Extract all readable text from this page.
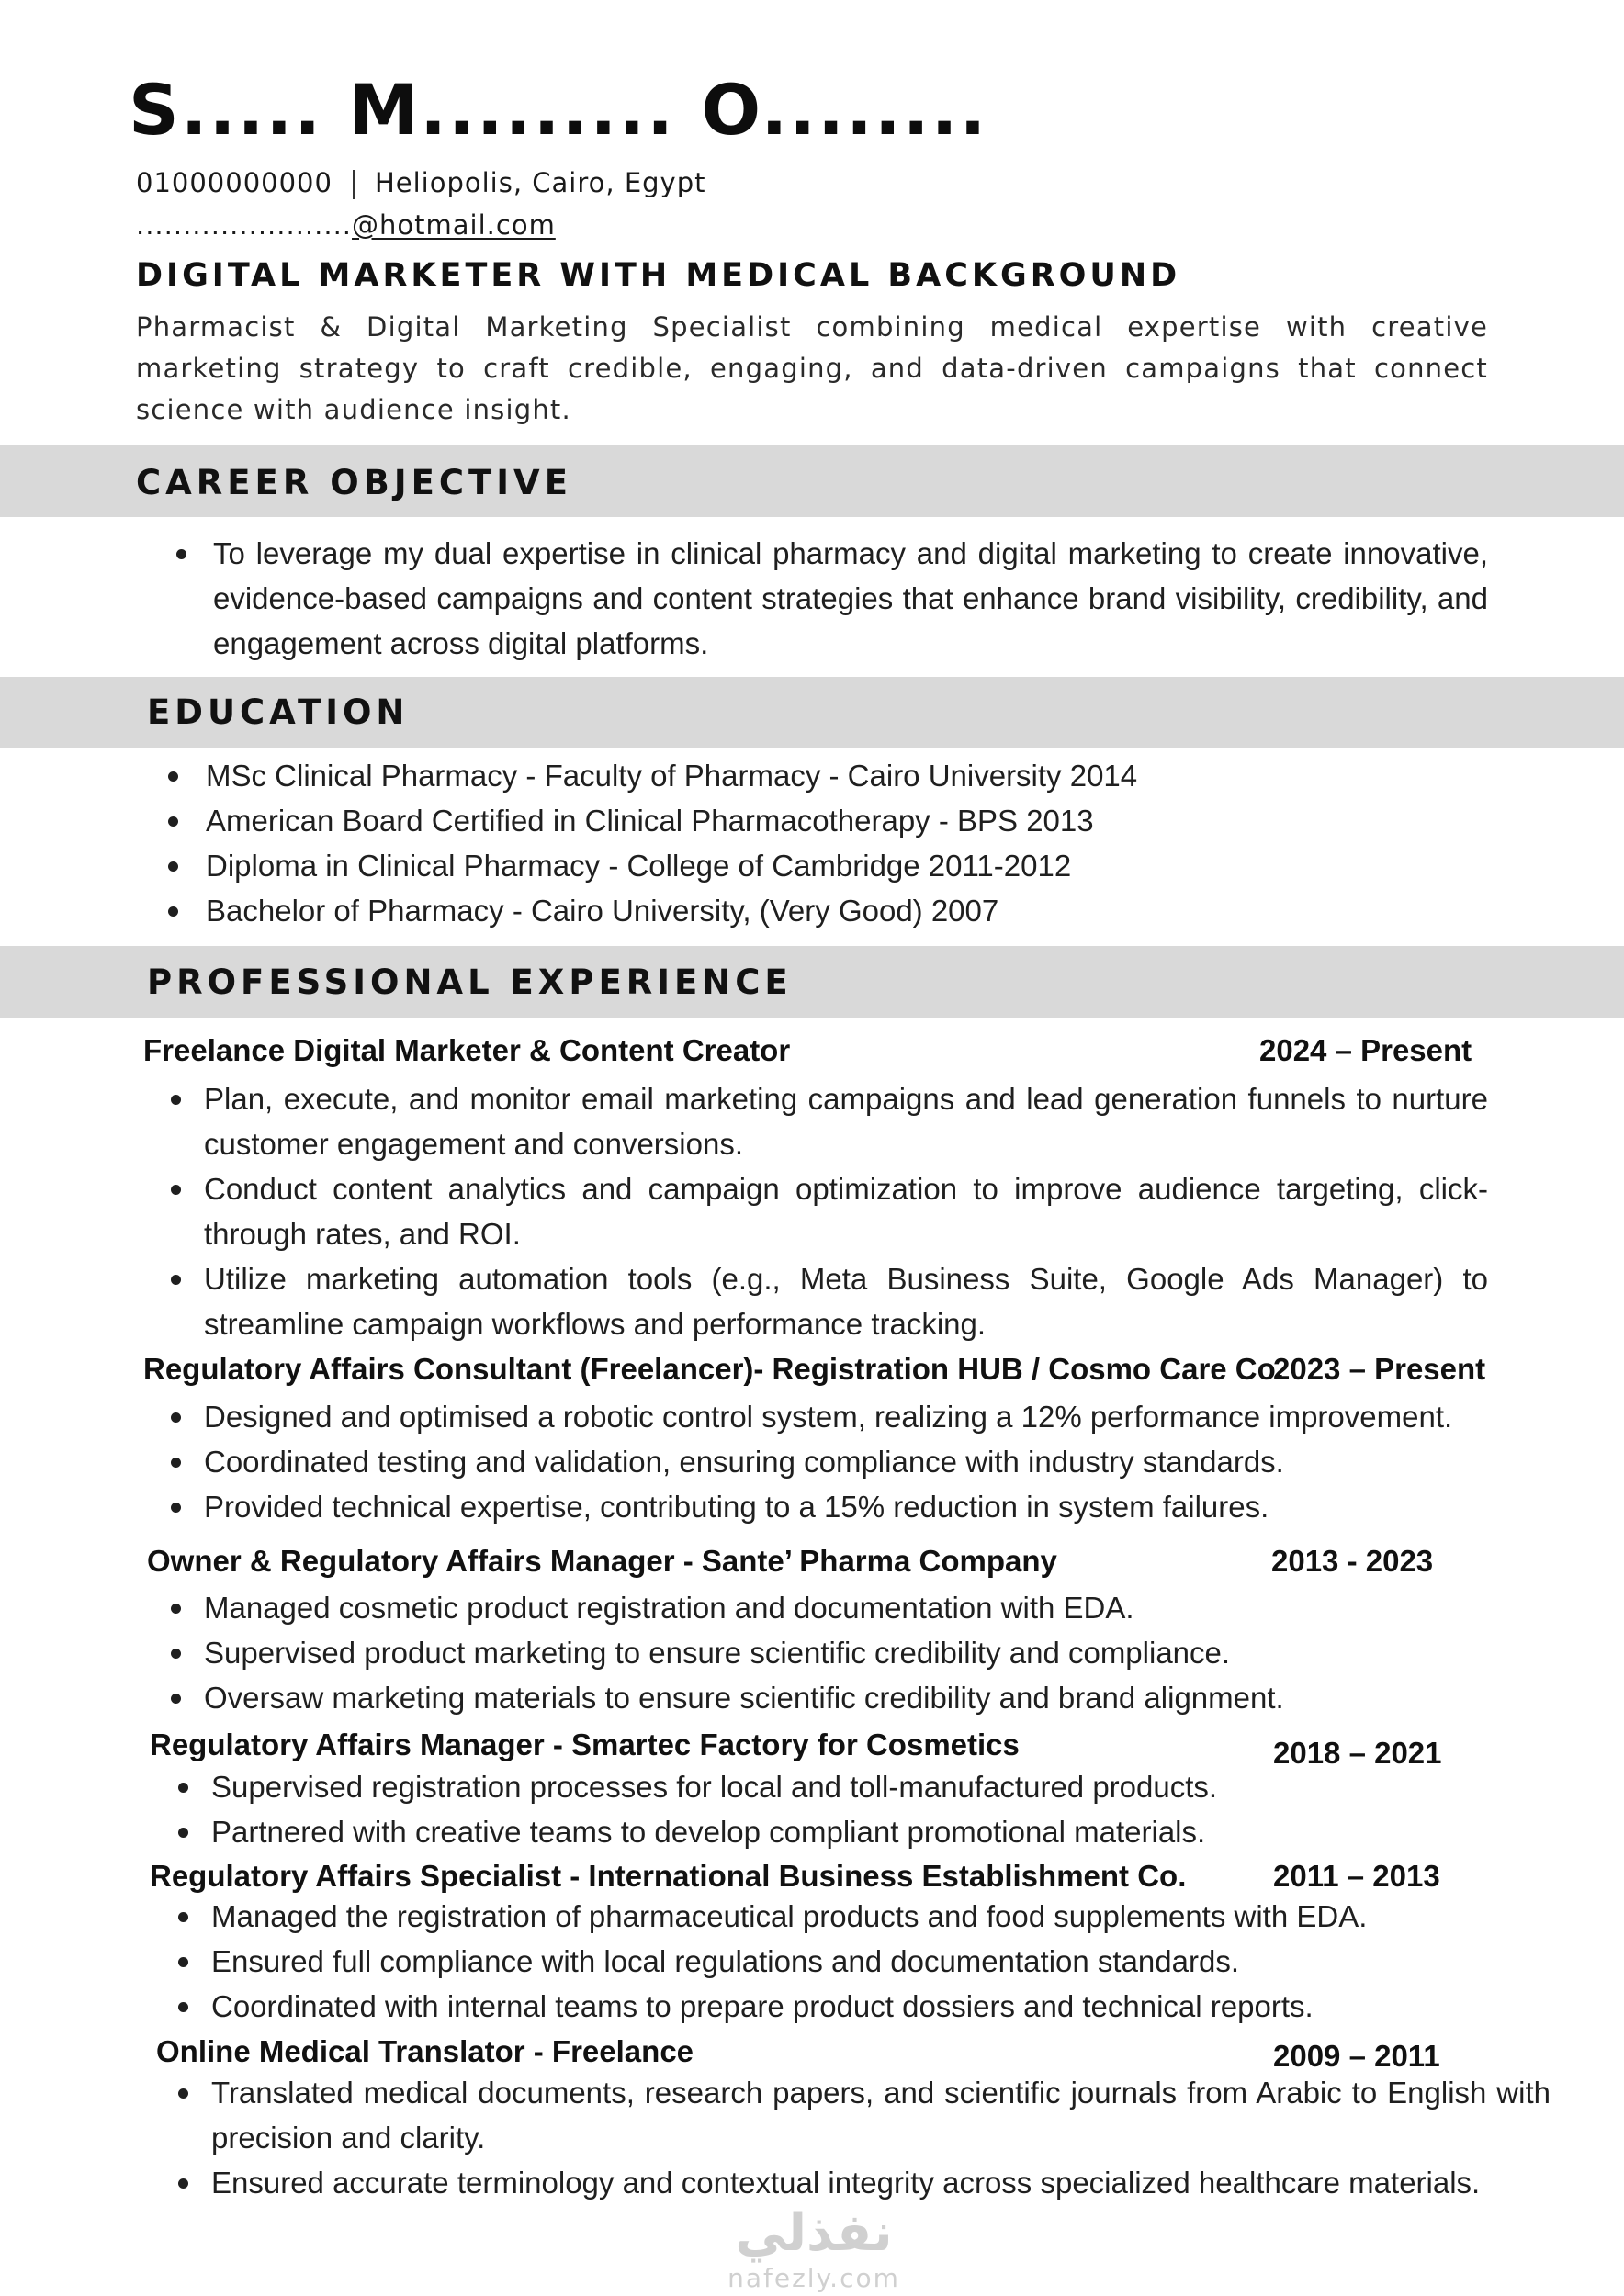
S..... M......... O........
01000000000 Heliopolis, Cairo, Egypt
.......................@hotmail.com
DIGITAL MARKETER WITH MEDICAL BACKGROUND
Pharmacist & Digital Marketing Specialist combining medical expertise with creative marketing strategy to craft credible, engaging, and data-driven campaigns that connect science with audience insight.
CAREER OBJECTIVE
To leverage my dual expertise in clinical pharmacy and digital marketing to create innovative, evidence-based campaigns and content strategies that enhance brand visibility, credibility, and engagement across digital platforms.
EDUCATION
MSc Clinical Pharmacy - Faculty of Pharmacy - Cairo University 2014
American Board Certified in Clinical Pharmacotherapy - BPS 2013
Diploma in Clinical Pharmacy - College of Cambridge 2011-2012
Bachelor of Pharmacy - Cairo University, (Very Good) 2007
PROFESSIONAL EXPERIENCE
Freelance Digital Marketer & Content Creator	2024 – Present
Plan, execute, and monitor email marketing campaigns and lead generation funnels to nurture customer engagement and conversions.
Conduct content analytics and campaign optimization to improve audience targeting, click-through rates, and ROI.
Utilize marketing automation tools (e.g., Meta Business Suite, Google Ads Manager) to streamline campaign workflows and performance tracking.
Regulatory Affairs Consultant (Freelancer)- Registration HUB / Cosmo Care Co.
2023 – Present
Designed and optimised a robotic control system, realizing a 12% performance improvement.
Coordinated testing and validation, ensuring compliance with industry standards.
Provided technical expertise, contributing to a 15% reduction in system failures.
Owner & Regulatory Affairs Manager - Sante’ Pharma Company	2013 - 2023
Managed cosmetic product registration and documentation with EDA.
Supervised product marketing to ensure scientific credibility and compliance.
Oversaw marketing materials to ensure scientific credibility and brand alignment.
Regulatory Affairs Manager - Smartec Factory for Cosmetics	2018 – 2021
Supervised registration processes for local and toll-manufactured products.
Partnered with creative teams to develop compliant promotional materials.
Regulatory Affairs Specialist - International Business Establishment Co.	2011 – 2013
Managed the registration of pharmaceutical products and food supplements with EDA.
Ensured full compliance with local regulations and documentation standards.
Coordinated with internal teams to prepare product dossiers and technical reports.
Online Medical Translator - Freelance	2009 – 2011
Translated medical documents, research papers, and scientific journals from Arabic to English with precision and clarity.
Ensured accurate terminology and contextual integrity across specialized healthcare materials.
نفذلي
nafezly.com
